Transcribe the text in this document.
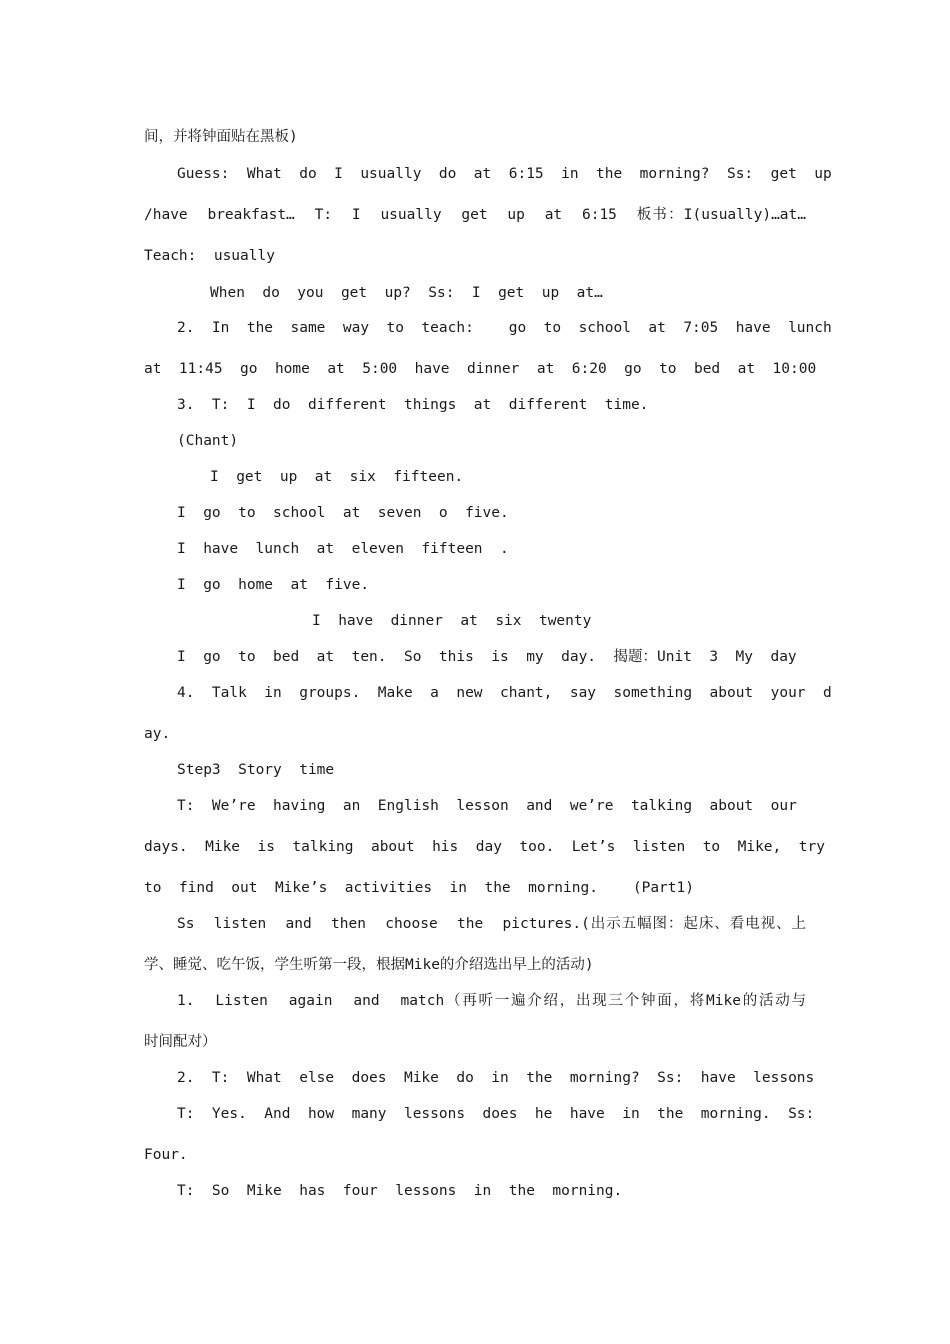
间，并将钟面贴在黑板)
Guess:  What  do  I  usually  do  at  6:15  in  the  morning?  Ss:  get  up
/have  breakfast…  T:  I  usually  get  up  at  6:15  板书：I(usually)…at…
Teach:  usually
When  do  you  get  up?  Ss:  I  get  up  at…
2.  In  the  same  way  to  teach:    go  to  school  at  7:05  have  lunch
at  11:45  go  home  at  5:00  have  dinner  at  6:20  go  to  bed  at  10:00
3.  T:  I  do  different  things  at  different  time.
(Chant)
I  get  up  at  six  fifteen.
I  go  to  school  at  seven  o  five.
I  have  lunch  at  eleven  fifteen  .
I  go  home  at  five.
I  have  dinner  at  six  twenty
I  go  to  bed  at  ten.  So  this  is  my  day.  揭题：Unit  3  My  day
4.  Talk  in  groups.  Make  a  new  chant,  say  something  about  your  d
ay.
Step3  Story  time
T:  We’re  having  an  English  lesson  and  we’re  talking  about  our
days.  Mike  is  talking  about  his  day  too.  Let’s  listen  to  Mike,  try
to  find  out  Mike’s  activities  in  the  morning.    (Part1)
Ss  listen  and  then  choose  the  pictures.(出示五幅图：起床、看电视、上
学、睡觉、吃午饭，学生听第一段，根据Mike的介绍选出早上的活动)
1.  Listen  again  and  match（再听一遍介绍，出现三个钟面，将Mike的活动与
时间配对）
2.  T:  What  else  does  Mike  do  in  the  morning?  Ss:  have  lessons
T:  Yes.  And  how  many  lessons  does  he  have  in  the  morning.  Ss:
Four.
T:  So  Mike  has  four  lessons  in  the  morning.
